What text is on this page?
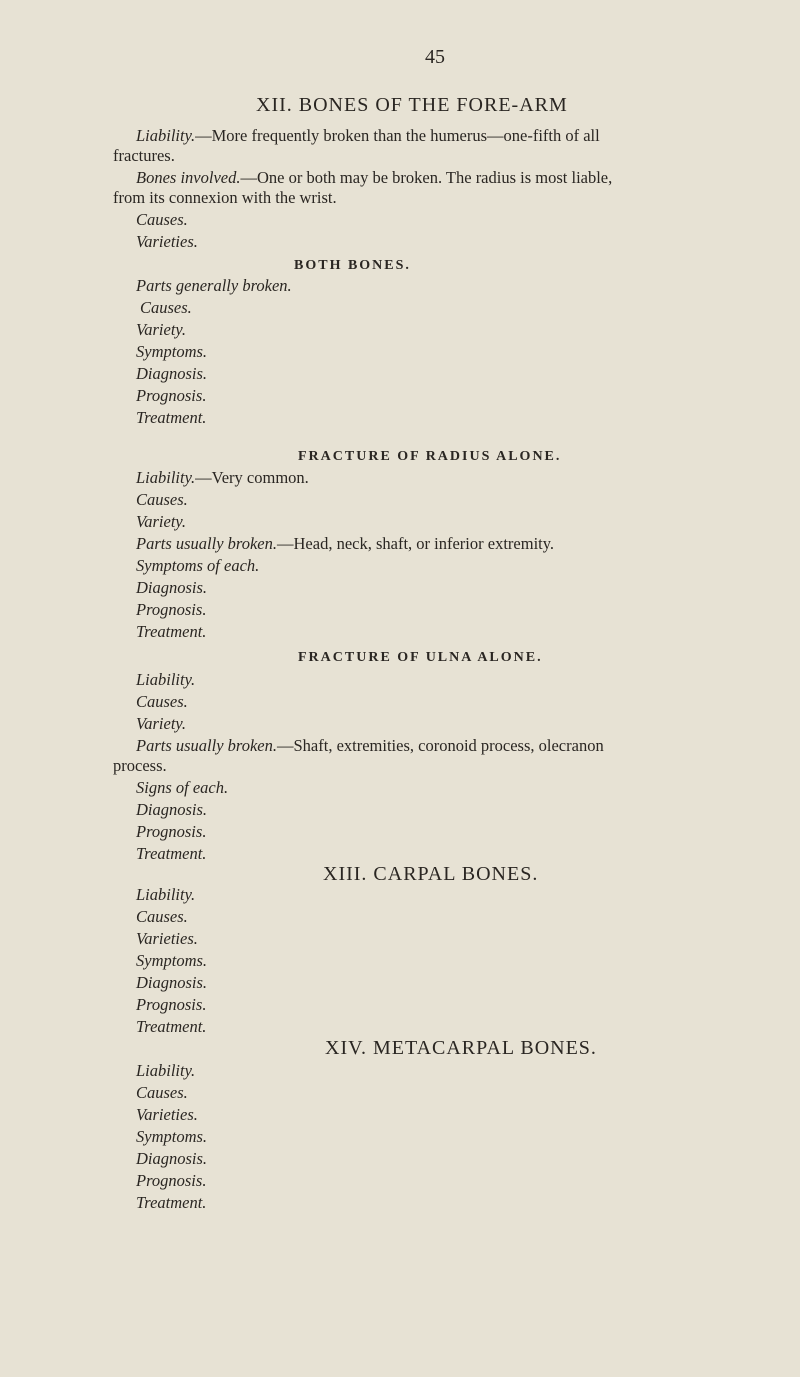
45
XII. BONES OF THE FORE-ARM
Liability.—More frequently broken than the humerus—one-fifth of all
fractures.
Bones involved.—One or both may be broken. The radius is most liable,
from its connexion with the wrist.
Causes.
Varieties.
BOTH BONES.
Parts generally broken.
Causes.
Variety.
Symptoms.
Diagnosis.
Prognosis.
Treatment.
FRACTURE OF RADIUS ALONE.
Liability.—Very common.
Causes.
Variety.
Parts usually broken.—Head, neck, shaft, or inferior extremity.
Symptoms of each.
Diagnosis.
Prognosis.
Treatment.
FRACTURE OF ULNA ALONE.
Liability.
Causes.
Variety.
Parts usually broken.—Shaft, extremities, coronoid process, olecranon
process.
Signs of each.
Diagnosis.
Prognosis.
Treatment.
XIII. CARPAL BONES.
Liability.
Causes.
Varieties.
Symptoms.
Diagnosis.
Prognosis.
Treatment.
XIV. METACARPAL BONES.
Liability.
Causes.
Varieties.
Symptoms.
Diagnosis.
Prognosis.
Treatment.
